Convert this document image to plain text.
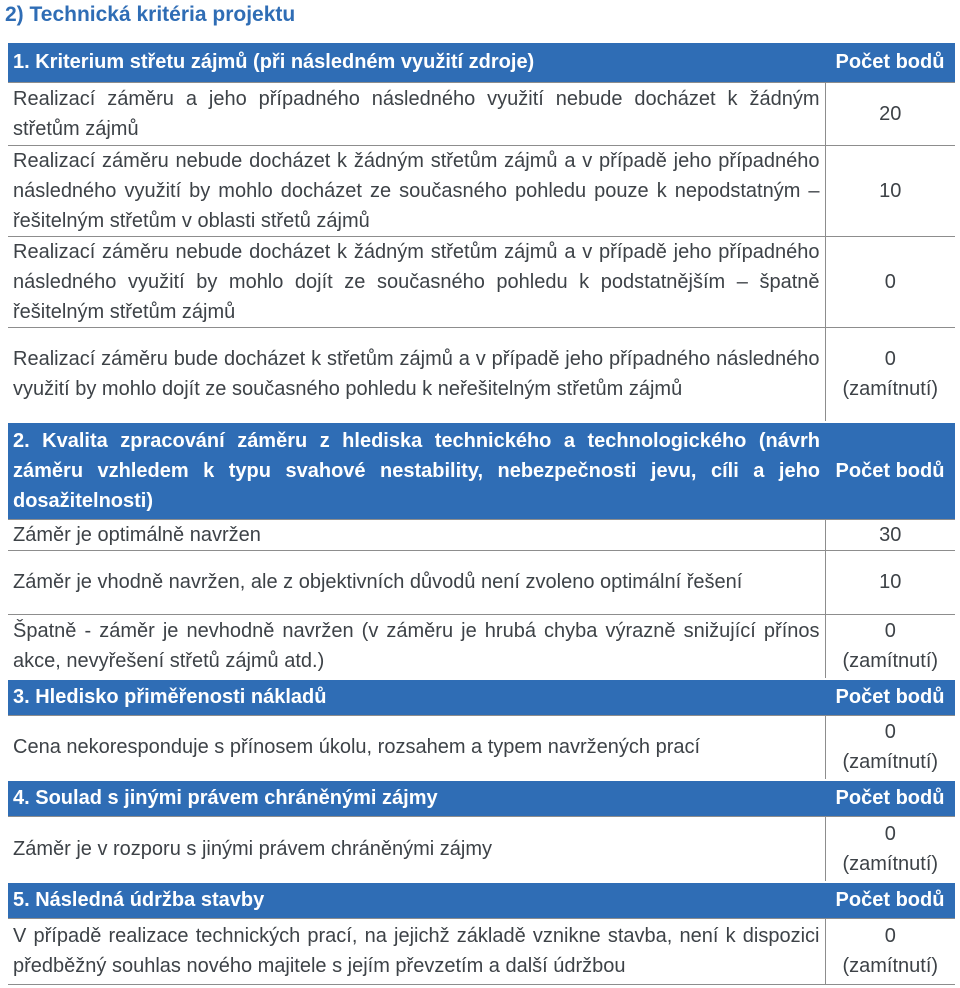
2) Technická kritéria projektu
1. Kriterium střetu zájmů (při následném využití zdroje)	Počet bodů
Realizací záměru a jeho případného následného využití nebude docházet k žádným střetům zájmů	20

Realizací záměru nebude docházet k žádným střetům zájmů a v případě jeho případného následného využití by mohlo docházet ze současného pohledu pouze k nepodstatným – řešitelným střetům v oblasti střetů zájmů	10

Realizací záměru nebude docházet k žádným střetům zájmů a v případě jeho případného následného využití by mohlo dojít ze současného pohledu k podstatnějším – špatně řešitelným střetům zájmů	0

Realizací záměru bude docházet k střetům zájmů a v případě jeho případného následného využití by mohlo dojít ze současného pohledu k neřešitelným střetům zájmů	0
(zamítnutí)

2. Kvalita zpracování záměru z hlediska technického a technologického (návrh záměru vzhledem k typu svahové nestability, nebezpečnosti jevu, cíli a jeho dosažitelnosti)	Počet bodů
Záměr je optimálně navržen	30

Záměr je vhodně navržen, ale z objektivních důvodů není zvoleno optimální řešení	10

Špatně - záměr je nevhodně navržen (v záměru je hrubá chyba výrazně snižující přínos akce, nevyřešení střetů zájmů atd.)	0
(zamítnutí)

3. Hledisko přiměřenosti nákladů	Počet bodů
Cena nekoresponduje s přínosem úkolu, rozsahem a typem navržených prací	0
(zamítnutí)

4. Soulad s jinými právem chráněnými zájmy	Počet bodů
Záměr je v rozporu s jinými právem chráněnými zájmy	0
(zamítnutí)

5. Následná údržba stavby	Počet bodů
V případě realizace technických prací, na jejichž základě vznikne stavba, není k dispozici předběžný souhlas nového majitele s jejím převzetím a další údržbou	0
(zamítnutí)
